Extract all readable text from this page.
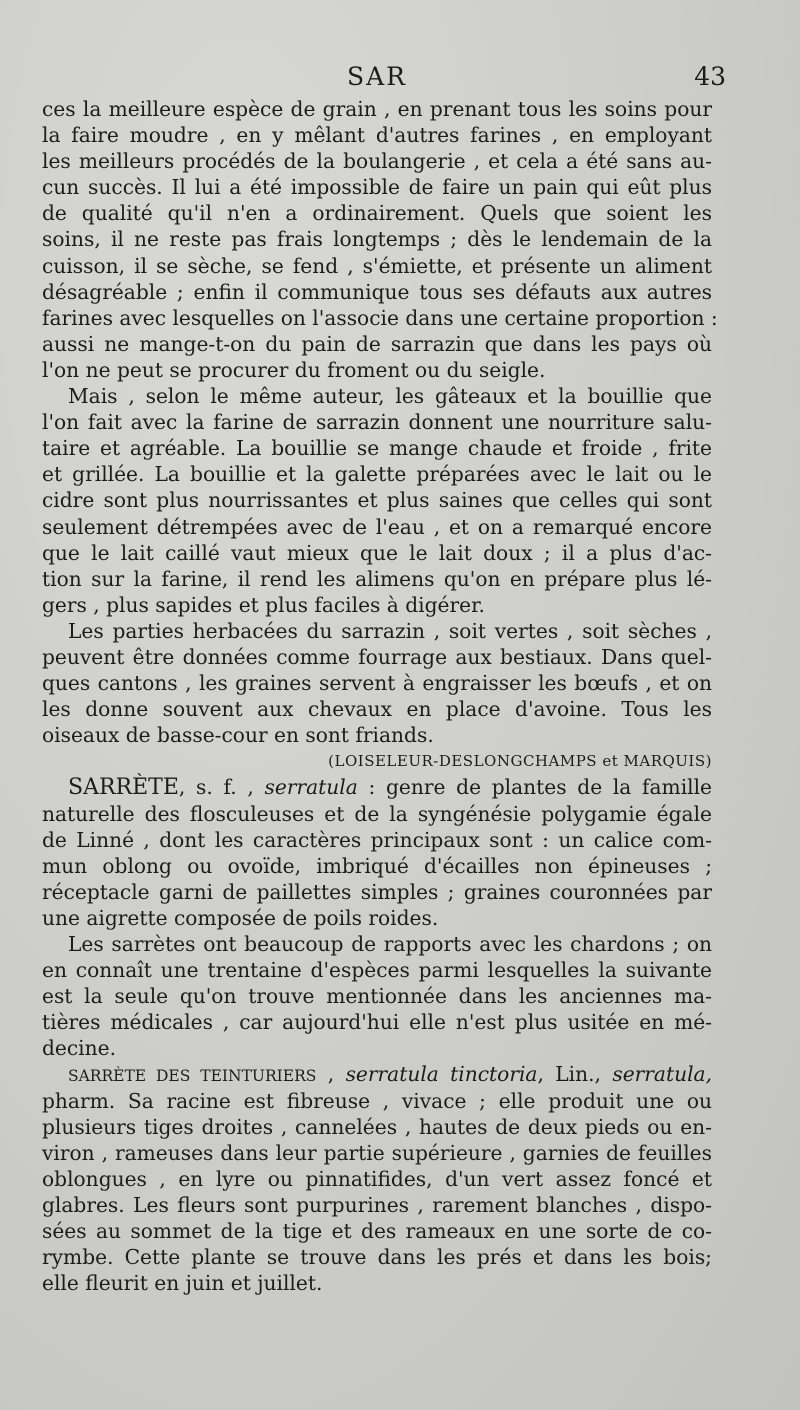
SAR	43
ces la meilleure espèce de grain , en prenant tous les soins pour
la faire moudre , en y mêlant d'autres farines , en employant
les meilleurs procédés de la boulangerie , et cela a été sans au-
cun succès. Il lui a été impossible de faire un pain qui eût plus
de qualité qu'il n'en a ordinairement. Quels que soient les
soins, il ne reste pas frais longtemps ; dès le lendemain de la
cuisson, il se sèche, se fend , s'émiette, et présente un aliment
désagréable ; enfin il communique tous ses défauts aux autres
farines avec lesquelles on l'associe dans une certaine proportion :
aussi ne mange-t-on du pain de sarrazin que dans les pays où
l'on ne peut se procurer du froment ou du seigle.
Mais , selon le même auteur, les gâteaux et la bouillie que
l'on fait avec la farine de sarrazin donnent une nourriture salu-
taire et agréable. La bouillie se mange chaude et froide , frite
et grillée. La bouillie et la galette préparées avec le lait ou le
cidre sont plus nourrissantes et plus saines que celles qui sont
seulement détrempées avec de l'eau , et on a remarqué encore
que le lait caillé vaut mieux que le lait doux ; il a plus d'ac-
tion sur la farine, il rend les alimens qu'on en prépare plus lé-
gers , plus sapides et plus faciles à digérer.
Les parties herbacées du sarrazin , soit vertes , soit sèches ,
peuvent être données comme fourrage aux bestiaux. Dans quel-
ques cantons , les graines servent à engraisser les bœufs , et on
les donne souvent aux chevaux en place d'avoine. Tous les
oiseaux de basse-cour en sont friands.
(LOISELEUR-DESLONGCHAMPS et MARQUIS)
SARRÈTE, s. f. , serratula : genre de plantes de la famille
naturelle des flosculeuses et de la syngénésie polygamie égale
de Linné , dont les caractères principaux sont : un calice com-
mun oblong ou ovoïde, imbriqué d'écailles non épineuses ;
réceptacle garni de paillettes simples ; graines couronnées par
une aigrette composée de poils roides.
Les sarrètes ont beaucoup de rapports avec les chardons ; on
en connaît une trentaine d'espèces parmi lesquelles la suivante
est la seule qu'on trouve mentionnée dans les anciennes ma-
tières médicales , car aujourd'hui elle n'est plus usitée en mé-
decine.
SARRÈTE DES TEINTURIERS , serratula tinctoria, Lin., serratula,
pharm. Sa racine est fibreuse , vivace ; elle produit une ou
plusieurs tiges droites , cannelées , hautes de deux pieds ou en-
viron , rameuses dans leur partie supérieure , garnies de feuilles
oblongues , en lyre ou pinnatifides, d'un vert assez foncé et
glabres. Les fleurs sont purpurines , rarement blanches , dispo-
sées au sommet de la tige et des rameaux en une sorte de co-
rymbe. Cette plante se trouve dans les prés et dans les bois;
elle fleurit en juin et juillet.
